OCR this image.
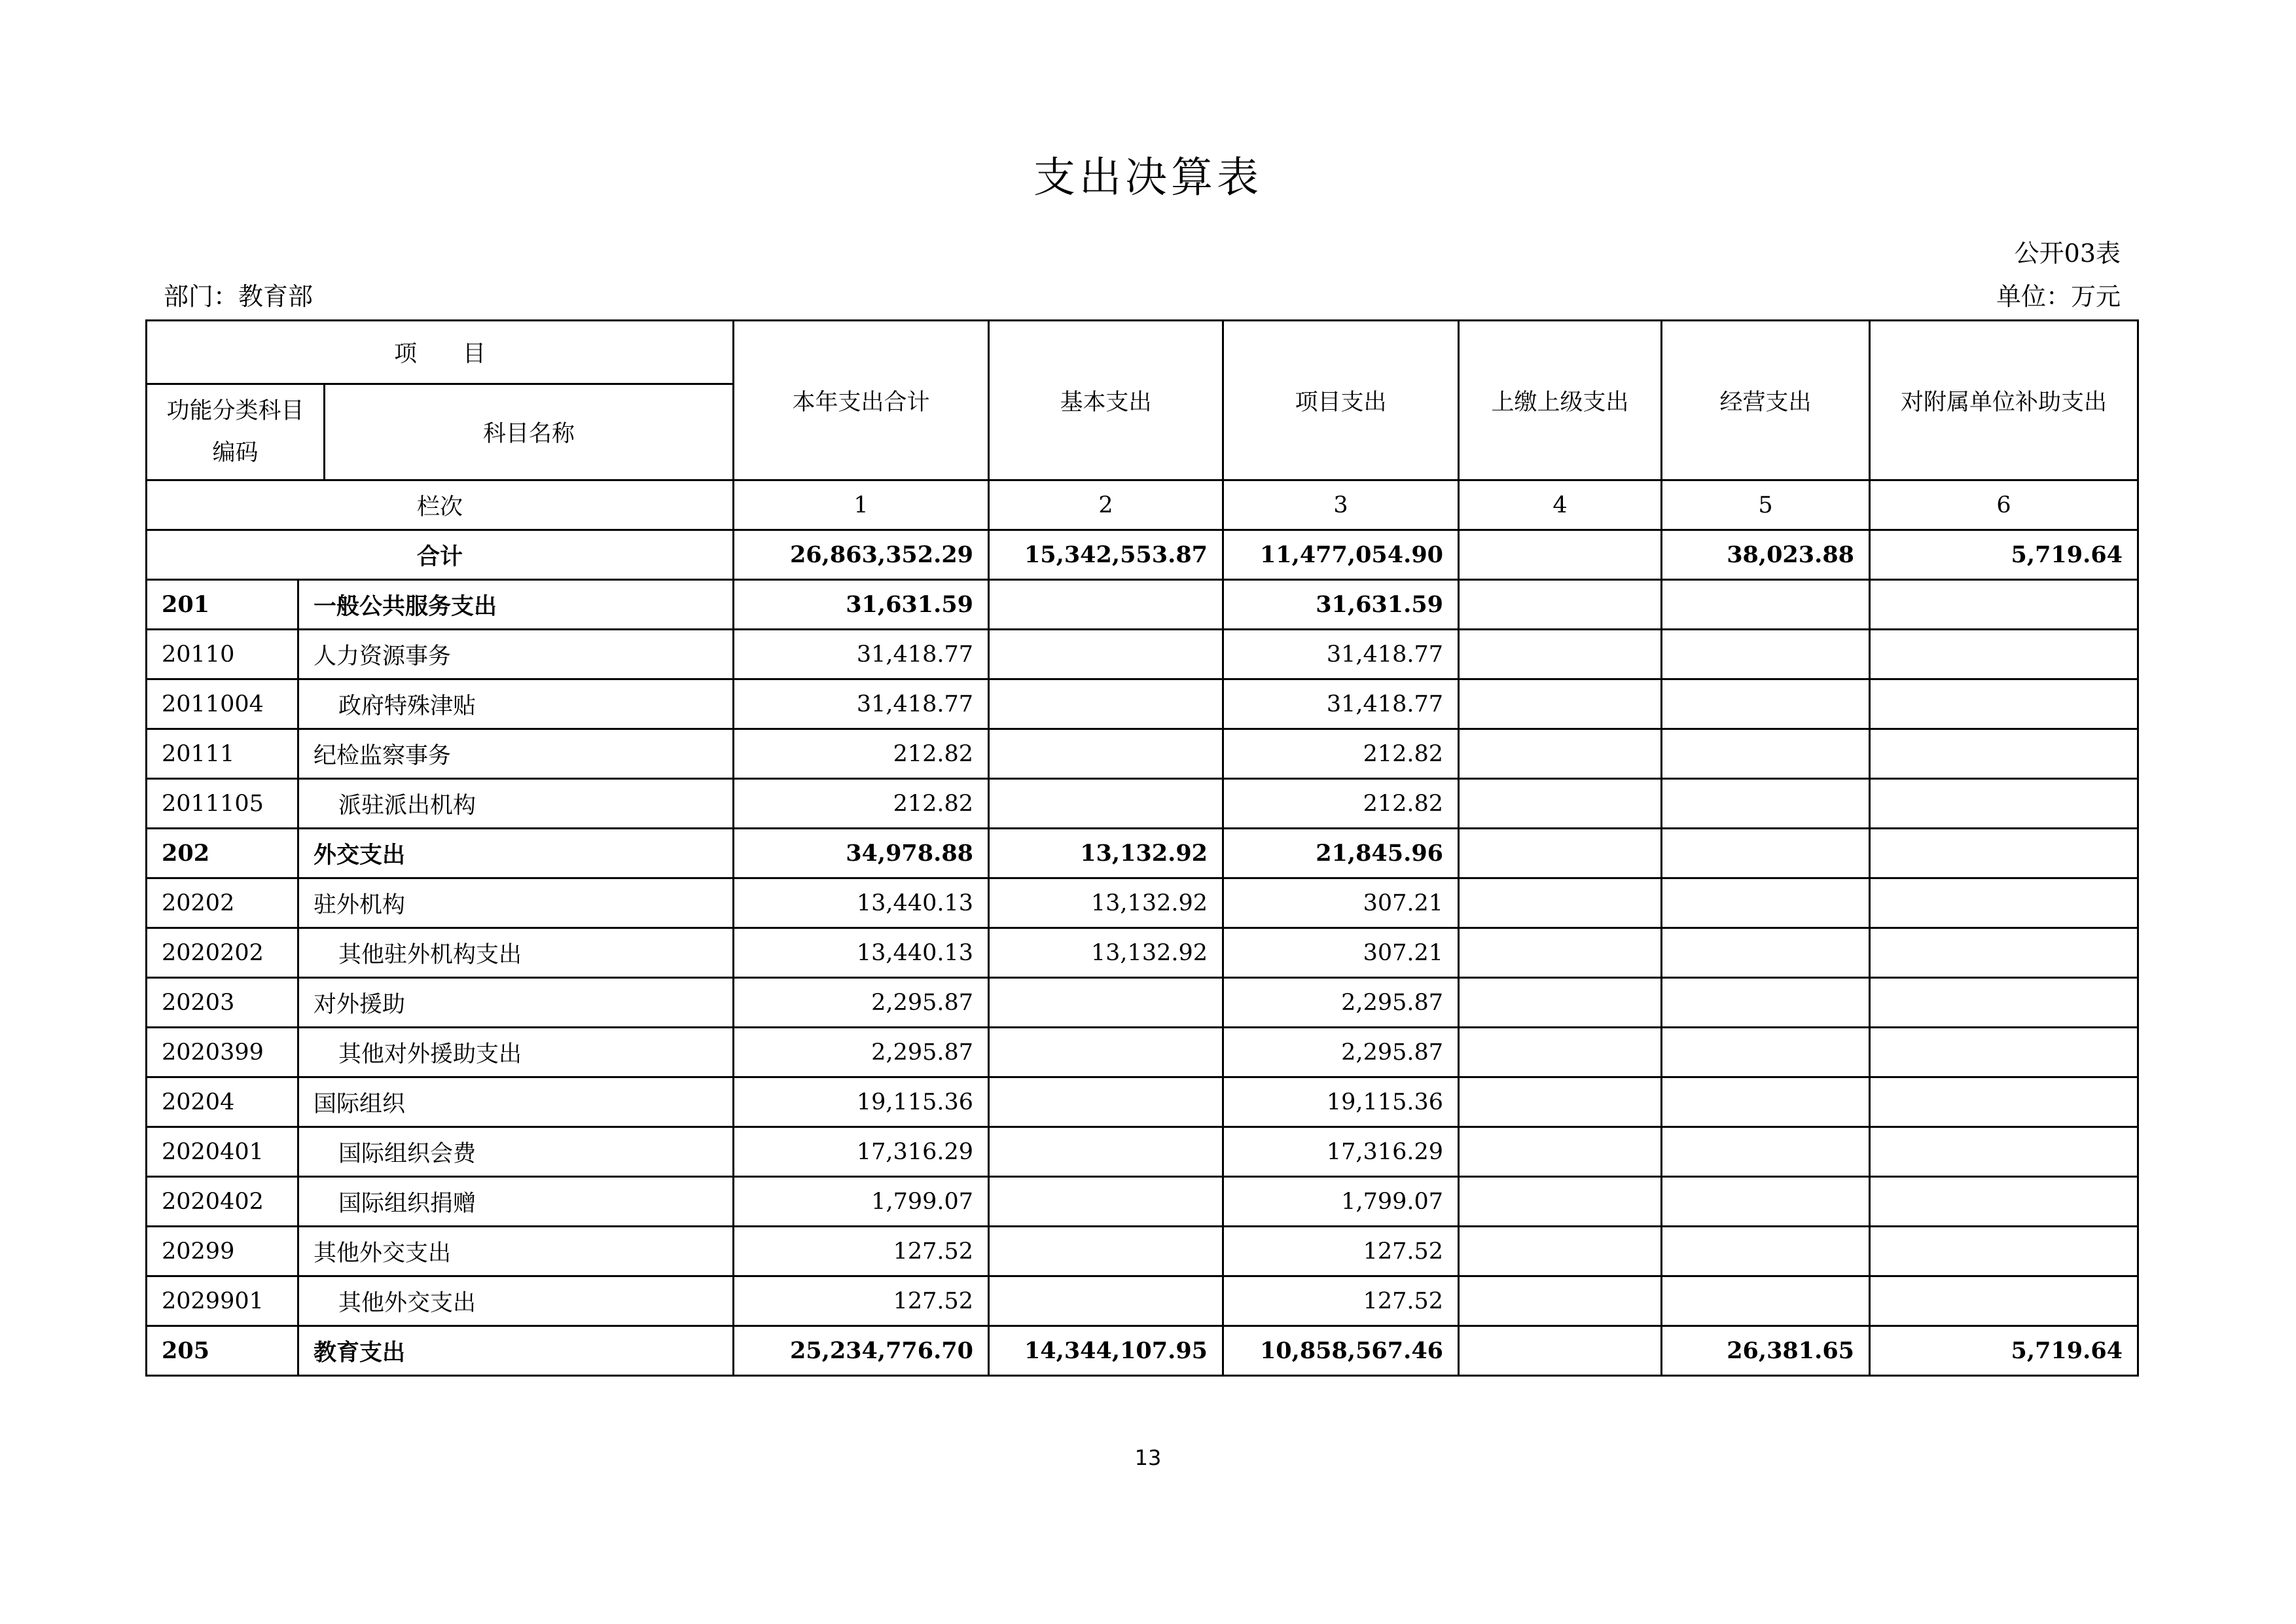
支出决算表
公开03表
部门：教育部	单位：万元
项　　目			本年支出合计	基本支出	项目支出	上缴上级支出	经营支出	对附属单位补助支出
功能分类科目编码		科目名称						
栏次			1	2	3	4	5	6
合计			26,863,352.29	15,342,553.87	11,477,054.90		38,023.88	5,719.64
201	一般公共服务支出		31,631.59		31,631.59			
20110	人力资源事务		31,418.77		31,418.77			
2011004	政府特殊津贴		31,418.77		31,418.77			
20111	纪检监察事务		212.82		212.82			
2011105	派驻派出机构		212.82		212.82			
202	外交支出		34,978.88	13,132.92	21,845.96			
20202	驻外机构		13,440.13	13,132.92	307.21			
2020202	其他驻外机构支出		13,440.13	13,132.92	307.21			
20203	对外援助		2,295.87		2,295.87			
2020399	其他对外援助支出		2,295.87		2,295.87			
20204	国际组织		19,115.36		19,115.36			
2020401	国际组织会费		17,316.29		17,316.29			
2020402	国际组织捐赠		1,799.07		1,799.07			
20299	其他外交支出		127.52		127.52			
2029901	其他外交支出		127.52		127.52			
205	教育支出		25,234,776.70	14,344,107.95	10,858,567.46		26,381.65	5,719.64
13
